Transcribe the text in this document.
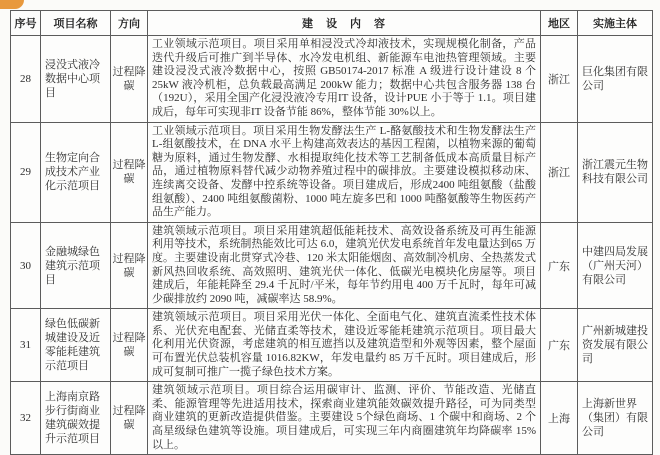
序号	项目名称	方向	建设内容	地区	实施主体
28	浸没式液冷数据中心项目	过程降碳	工业领域示范项目。项目采用单相浸没式冷却液技术，实现规模化制备，产品迭代升级后可推广到半导体、水冷发电机组、新能源车电池热管理领域。主要建设浸没式液冷数据中心，按照 GB50174-2017 标准 A 级进行设计建设 8 个 25kW 液冷机柜，总负载最高满足 200kW 能力；数据中心共包含服务器 138 台（192U），采用全国产化浸没液冷专用IT 设备，设计PUE 小于等于 1.1。项目建成后，每年可实现非IT 设备节能 86%，整体节能 30%以上。	浙江	巨化集团有限公司
29	生物定向合成技术产业化示范项目	过程降碳	工业领域示范项目。项目采用生物发酵法生产 L-酪氨酸技术和生物发酵法生产L-组氨酸技术，在 DNA 水平上构建高效表达的基因工程菌，以植物来源的葡萄糖为原料，通过生物发酵、水相提取纯化技术等工艺制备低成本高质量目标产品，通过植物原料替代减少动物养殖过程中的碳排放。主要建设模拟移动床、连续离交设备、发酵中控系统等设备。项目建成后，形成2400 吨组氨酸（盐酸组氨酸）、2400 吨组氨酸菌粉、1000 吨左旋多巴和 1000 吨酪氨酸等生物医药产品生产能力。	浙江	浙江震元生物科技有限公司
30	金融城绿色建筑示范项目	过程降碳	建筑领域示范项目。项目采用建筑超低能耗技术、高效设备系统及可再生能源利用等技术，系统制热能效比可达 6.0，建筑光伏发电系统首年发电量达到65 万度。主要建设南北贯穿式冷巷、120 米太阳能烟囱、高效制冷机房、全热蒸发式新风热回收系统、高效照明、建筑光伏一体化、低碳光电模块化房屋等。项目建成后，年能耗降至 29.4 千瓦时/平米，每年节约用电 400 万千瓦时，每年可减少碳排放约 2090 吨，减碳率达 58.9%。	广东	中建四局发展（广州天河）有限公司
31	绿色低碳新城建设及近零能耗建筑示范项目	过程降碳	建筑领域示范项目。项目采用光伏一体化、全面电气化、建筑直流柔性技术体系、光伏充电配套、光储直柔等技术，建设近零能耗建筑示范项目。项目最大化利用光伏资源，考虑建筑的相互遮挡以及建筑造型和外观等因素，整个屋面可布置光伏总装机容量 1016.82KW，年发电量约 85 万千瓦时。项目建成后，形成可复制可推广一揽子绿色技术方案。	广东	广州新城建投资发展有限公司
32	上海南京路步行街商业建筑碳效提升示范项目	过程降碳	建筑领域示范项目。项目综合运用碳审计、监测、评价、节能改造、光储直柔、能源管理等先进适用技术，探索商业建筑能效碳效提升路径，可为同类型商业建筑的更新改造提供借鉴。主要建设 5个绿色商场、1 个碳中和商场、2 个高星级绿色建筑等设施。项目建成后，可实现三年内商圈建筑年均降碳率 15%以上。	上海	上海新世界（集团）有限公司
